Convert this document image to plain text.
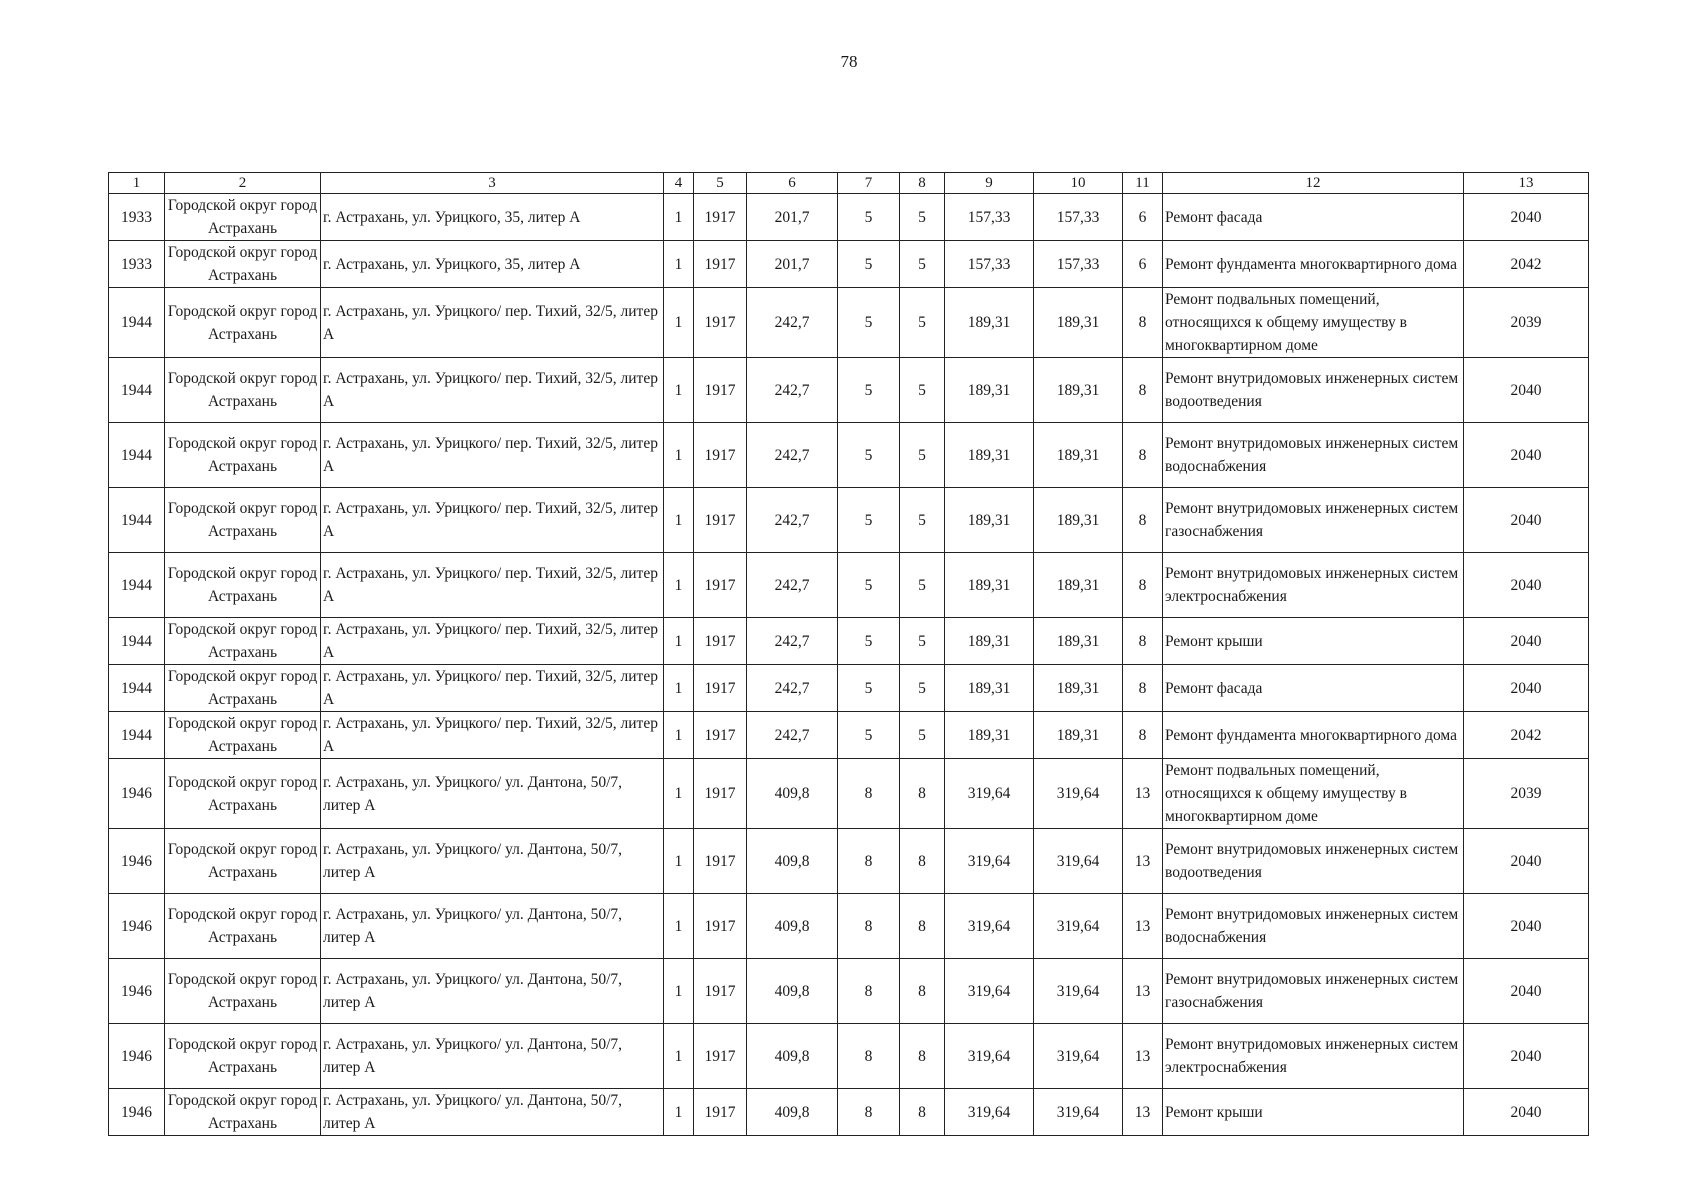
78
1	2	3	4	5	6	7	8	9	10	11	12	13
1933	Городской округ город Астрахань	г. Астрахань, ул. Урицкого, 35, литер А	1	1917	201,7	5	5	157,33	157,33	6	Ремонт фасада	2040
1933	Городской округ город Астрахань	г. Астрахань, ул. Урицкого, 35, литер А	1	1917	201,7	5	5	157,33	157,33	6	Ремонт фундамента многоквартирного дома	2042
1944	Городской округ город Астрахань	г. Астрахань, ул. Урицкого/ пер. Тихий, 32/5, литер А	1	1917	242,7	5	5	189,31	189,31	8	Ремонт подвальных помещений, относящихся к общему имуществу в многоквартирном доме	2039
1944	Городской округ город Астрахань	г. Астрахань, ул. Урицкого/ пер. Тихий, 32/5, литер А	1	1917	242,7	5	5	189,31	189,31	8	Ремонт внутридомовых инженерных систем водоотведения	2040
1944	Городской округ город Астрахань	г. Астрахань, ул. Урицкого/ пер. Тихий, 32/5, литер А	1	1917	242,7	5	5	189,31	189,31	8	Ремонт внутридомовых инженерных систем водоснабжения	2040
1944	Городской округ город Астрахань	г. Астрахань, ул. Урицкого/ пер. Тихий, 32/5, литер А	1	1917	242,7	5	5	189,31	189,31	8	Ремонт внутридомовых инженерных систем газоснабжения	2040
1944	Городской округ город Астрахань	г. Астрахань, ул. Урицкого/ пер. Тихий, 32/5, литер А	1	1917	242,7	5	5	189,31	189,31	8	Ремонт внутридомовых инженерных систем электроснабжения	2040
1944	Городской округ город Астрахань	г. Астрахань, ул. Урицкого/ пер. Тихий, 32/5, литер А	1	1917	242,7	5	5	189,31	189,31	8	Ремонт крыши	2040
1944	Городской округ город Астрахань	г. Астрахань, ул. Урицкого/ пер. Тихий, 32/5, литер А	1	1917	242,7	5	5	189,31	189,31	8	Ремонт фасада	2040
1944	Городской округ город Астрахань	г. Астрахань, ул. Урицкого/ пер. Тихий, 32/5, литер А	1	1917	242,7	5	5	189,31	189,31	8	Ремонт фундамента многоквартирного дома	2042
1946	Городской округ город Астрахань	г. Астрахань, ул. Урицкого/ ул. Дантона, 50/7, литер А	1	1917	409,8	8	8	319,64	319,64	13	Ремонт подвальных помещений, относящихся к общему имуществу в многоквартирном доме	2039
1946	Городской округ город Астрахань	г. Астрахань, ул. Урицкого/ ул. Дантона, 50/7, литер А	1	1917	409,8	8	8	319,64	319,64	13	Ремонт внутридомовых инженерных систем водоотведения	2040
1946	Городской округ город Астрахань	г. Астрахань, ул. Урицкого/ ул. Дантона, 50/7, литер А	1	1917	409,8	8	8	319,64	319,64	13	Ремонт внутридомовых инженерных систем водоснабжения	2040
1946	Городской округ город Астрахань	г. Астрахань, ул. Урицкого/ ул. Дантона, 50/7, литер А	1	1917	409,8	8	8	319,64	319,64	13	Ремонт внутридомовых инженерных систем газоснабжения	2040
1946	Городской округ город Астрахань	г. Астрахань, ул. Урицкого/ ул. Дантона, 50/7, литер А	1	1917	409,8	8	8	319,64	319,64	13	Ремонт внутридомовых инженерных систем электроснабжения	2040
1946	Городской округ город Астрахань	г. Астрахань, ул. Урицкого/ ул. Дантона, 50/7, литер А	1	1917	409,8	8	8	319,64	319,64	13	Ремонт крыши	2040
